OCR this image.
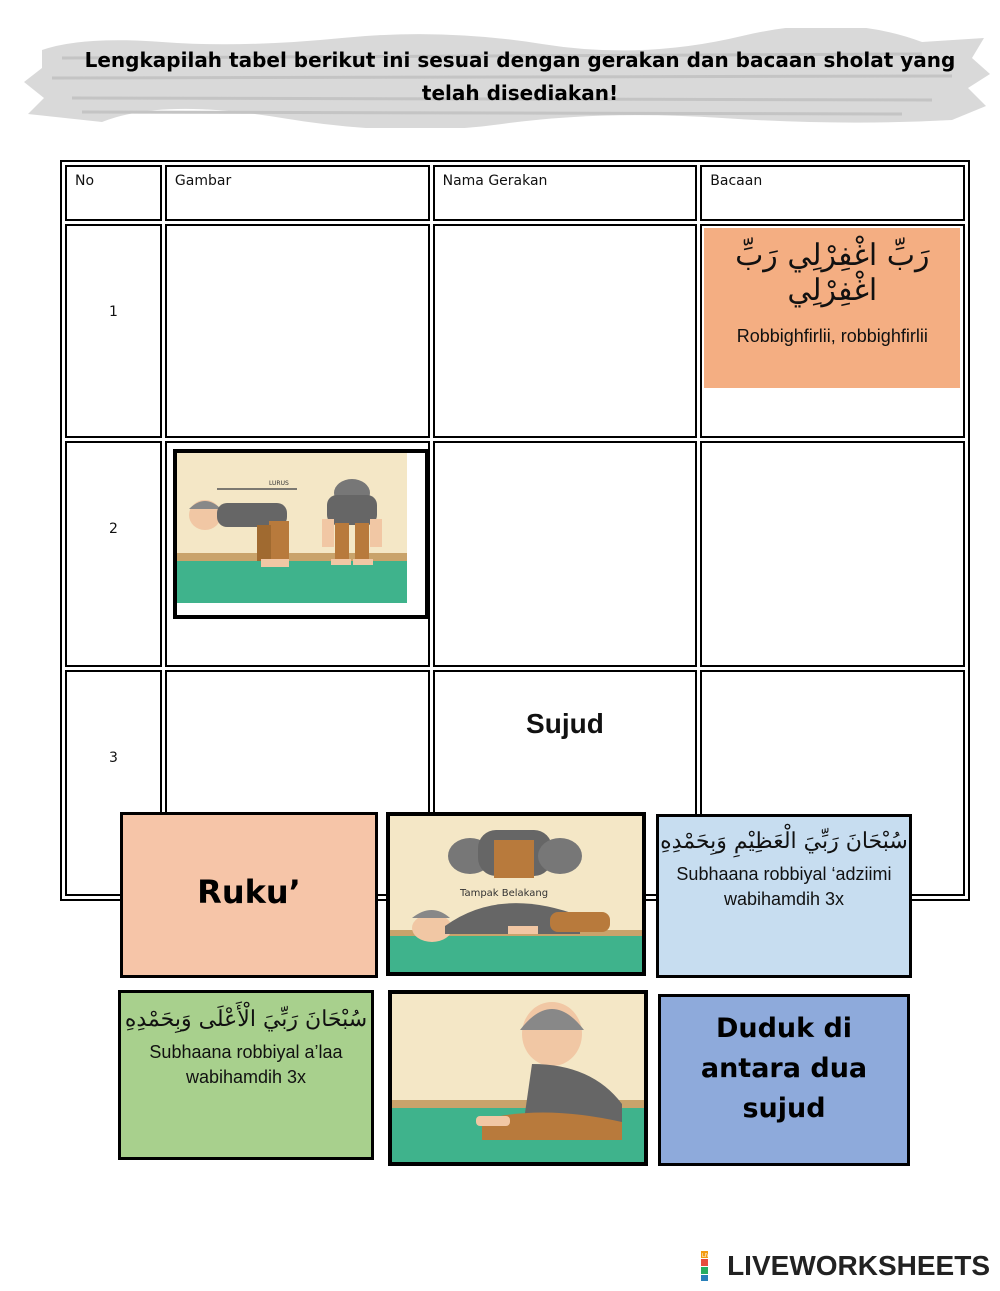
Lengkapilah tabel berikut ini sesuai dengan gerakan dan bacaan sholat yang
telah disediakan!
No	Gambar	Nama Gerakan	Bacaan
1			رَبِّ اغْفِرْلِي رَبِّ اغْفِرْلِي
Robbighfirlii, robbighfirlii

2	LURUS		

3		Sujud	

Ruku’	Tampak Belakang
سُبْحَانَ رَبِّيَ الْعَظِيْمِ وَبِحَمْدِهِ
Subhaana robbiyal ‘adziimi
wabihamdih 3x
سُبْحَانَ رَبِّيَ الْأَعْلَى وَبِحَمْدِهِ
Subhaana robbiyal a’laa
wabihamdih 3x
Duduk di
antara dua
sujud
LIVE LIVEWORKSHEETS
